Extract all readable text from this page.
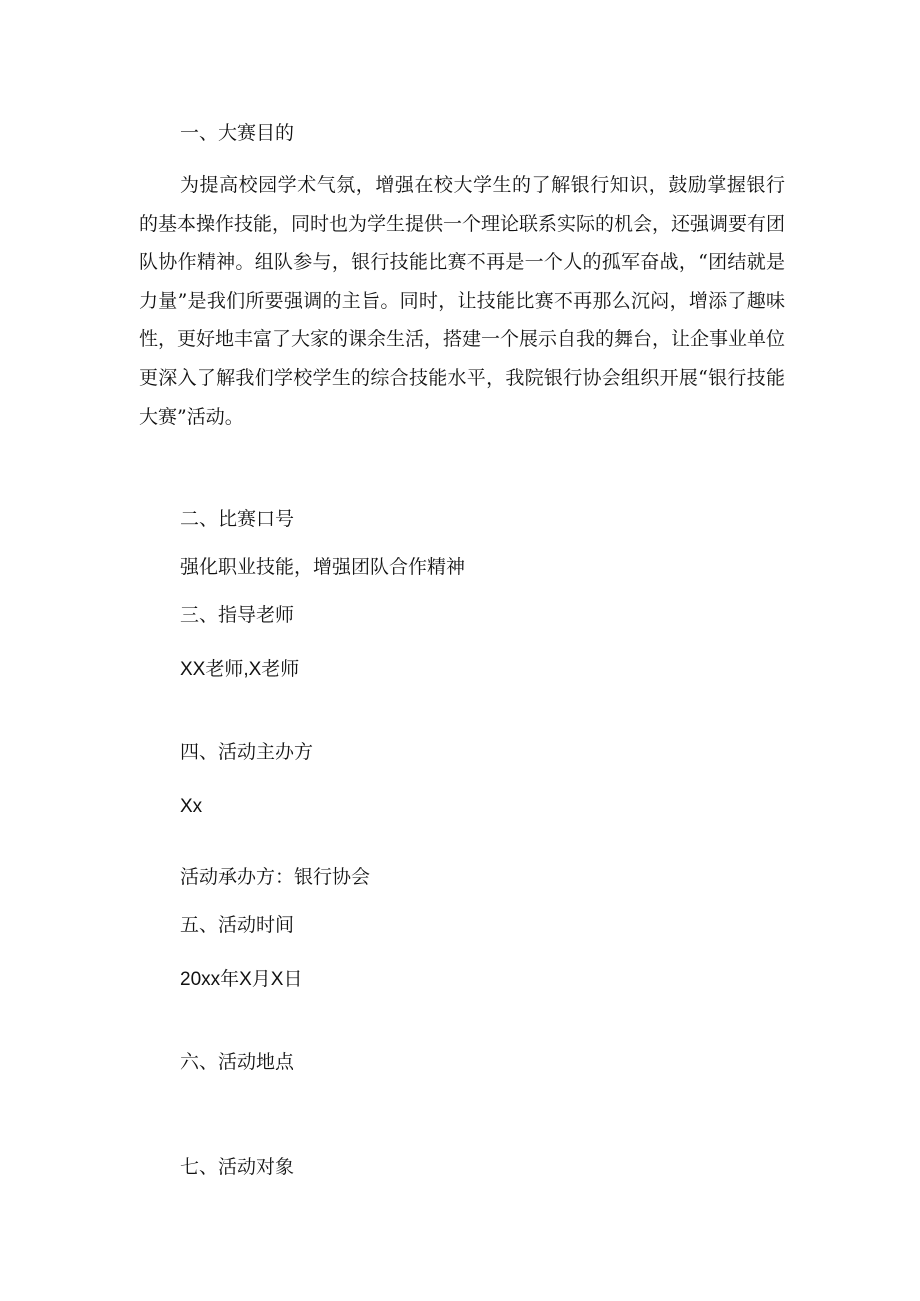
一、大赛目的
为提高校园学术气氛，增强在校大学生的了解银行知识，鼓励掌握银行的基本操作技能，同时也为学生提供一个理论联系实际的机会，还强调要有团队协作精神。组队参与，银行技能比赛不再是一个人的孤军奋战，“团结就是力量”是我们所要强调的主旨。同时，让技能比赛不再那么沉闷，增添了趣味性，更好地丰富了大家的课余生活，搭建一个展示自我的舞台，让企事业单位更深入了解我们学校学生的综合技能水平，我院银行协会组织开展“银行技能大赛”活动。
二、比赛口号
强化职业技能，增强团队合作精神
三、指导老师
XX老师,X老师
四、活动主办方
Xx
活动承办方：银行协会
五、活动时间
20xx年X月X日
六、活动地点
七、活动对象
